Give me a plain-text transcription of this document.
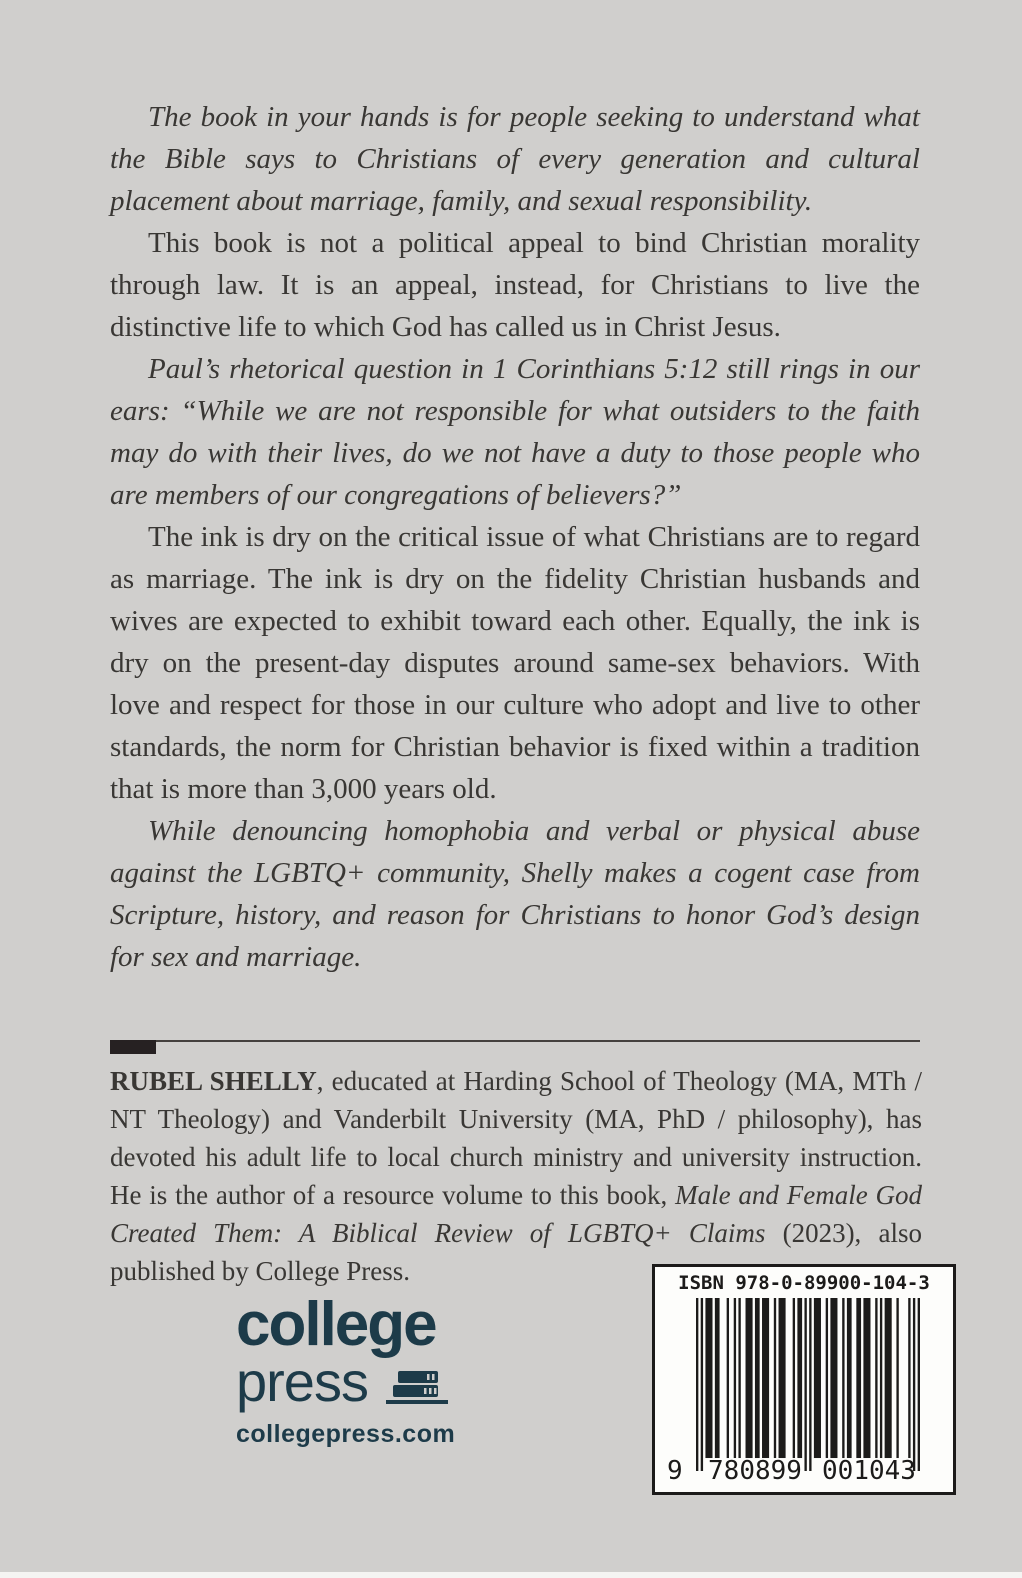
The book in your hands is for people seeking to understand what the Bible says to Christians of every generation and cultural placement about marriage, family, and sexual responsibility.

This book is not a political appeal to bind Christian morality through law. It is an appeal, instead, for Christians to live the distinctive life to which God has called us in Christ Jesus.

Paul’s rhetorical question in 1 Corinthians 5:12 still rings in our ears: “While we are not responsible for what outsiders to the faith may do with their lives, do we not have a duty to those people who are members of our congregations of believers?”

The ink is dry on the critical issue of what Christians are to regard as marriage. The ink is dry on the fidelity Christian husbands and wives are expected to exhibit toward each other. Equally, the ink is dry on the present-day disputes around same-sex behaviors. With love and respect for those in our culture who adopt and live to other standards, the norm for Christian behavior is fixed within a tradition that is more than 3,000 years old.

While denouncing homophobia and verbal or physical abuse against the LGBTQ+ community, Shelly makes a cogent case from Scripture, history, and reason for Christians to honor God’s design for sex and marriage.

RUBEL SHELLY, educated at Harding School of Theology (MA, MTh / NT Theology) and Vanderbilt University (MA, PhD / philosophy), has devoted his adult life to local church ministry and university instruction. He is the author of a resource volume to this book, Male and Female God Created Them: A Biblical Review of LGBTQ+ Claims (2023), also published by College Press.

college
press
collegepress.com
ISBN 978-0-89900-104-3
9 780899 001043
